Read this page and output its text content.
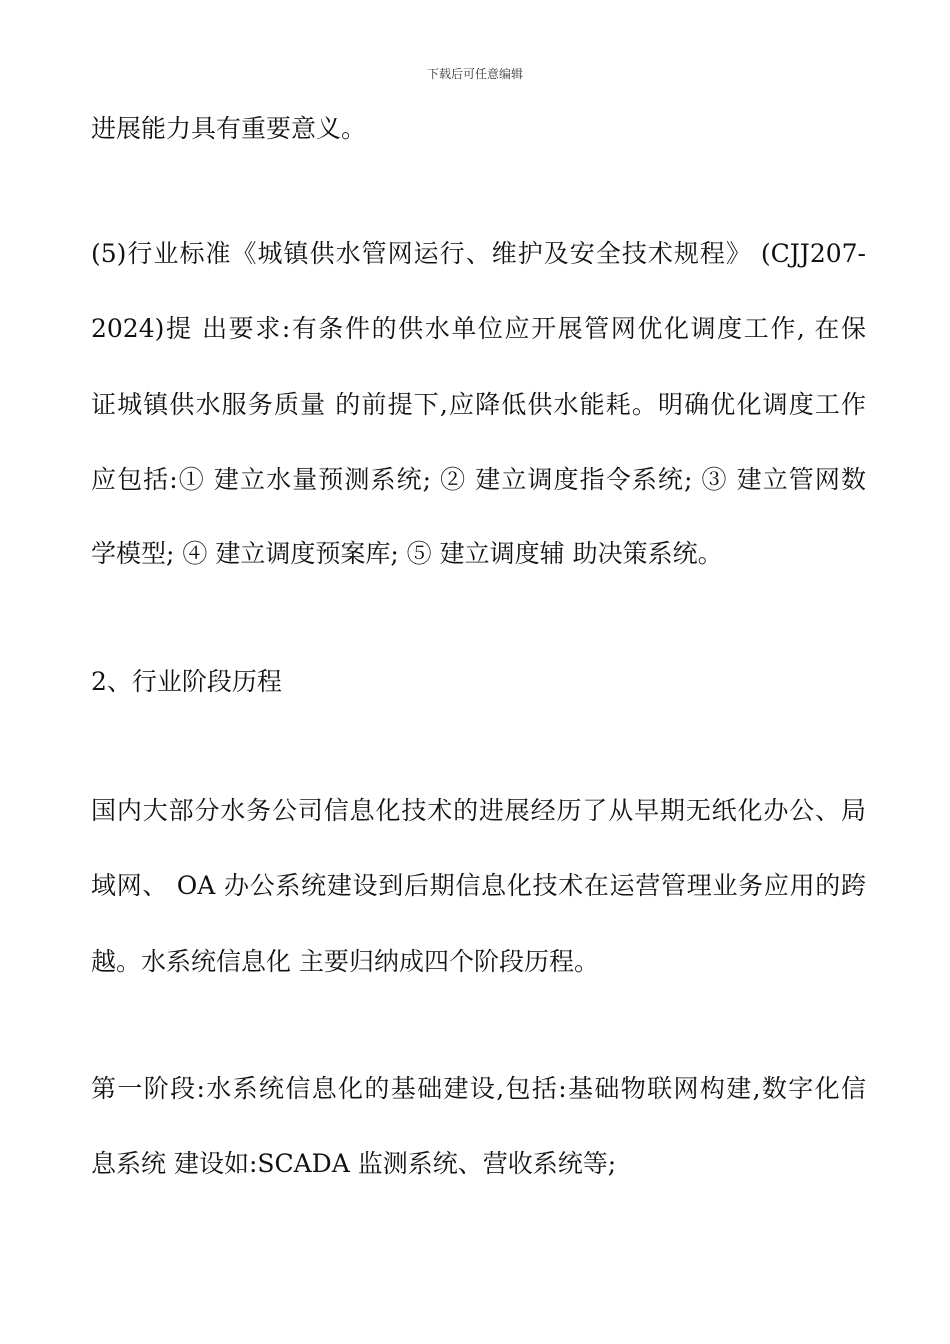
下载后可任意编辑
进展能力具有重要意义。
(5)行业标准《城镇供水管网运行、维护及安全技术规程》 (CJJ207-
2024)提 出要求:有条件的供水单位应开展管网优化调度工作, 在保
证城镇供水服务质量 的前提下,应降低供水能耗。明确优化调度工作
应包括:① 建立水量预测系统; ② 建立调度指令系统; ③ 建立管网数
学模型; ④ 建立调度预案库; ⑤ 建立调度辅 助决策系统。
2、行业阶段历程
国内大部分水务公司信息化技术的进展经历了从早期无纸化办公、局
域网、 OA 办公系统建设到后期信息化技术在运营管理业务应用的跨
越。水系统信息化 主要归纳成四个阶段历程。
第一阶段:水系统信息化的基础建设,包括:基础物联网构建,数字化信
息系统 建设如:SCADA 监测系统、营收系统等;
